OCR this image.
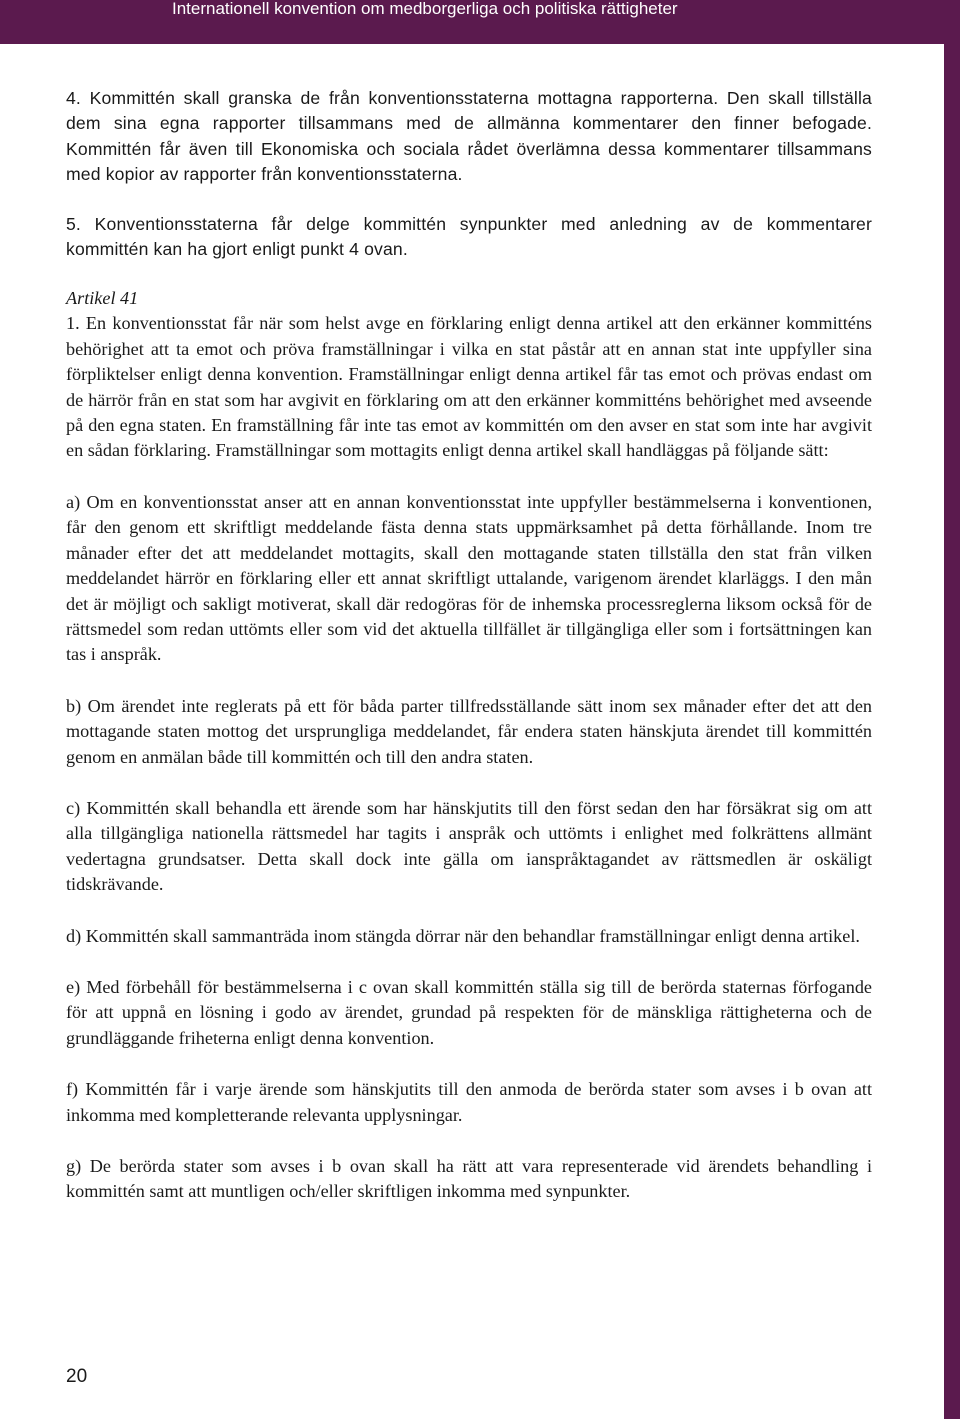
Internationell konvention om medborgerliga och politiska rättigheter

4. Kommittén skall granska de från konventionsstaterna mottagna rapporterna. Den skall tillställa dem sina egna rapporter tillsammans med de allmänna kommentarer den finner befogade. Kommittén får även till Ekonomiska och sociala rådet överlämna dessa kommentarer tillsammans med kopior av rapporter från konventionsstaterna.

5. Konventionsstaterna får delge kommittén synpunkter med anledning av de kommentarer kommittén kan ha gjort enligt punkt 4 ovan.

Artikel 41

1. En konventionsstat får när som helst avge en förklaring enligt denna artikel att den erkänner kommitténs behörighet att ta emot och pröva framställningar i vilka en stat påstår att en annan stat inte uppfyller sina förpliktelser enligt denna konvention. Framställningar enligt denna artikel får tas emot och prövas endast om de härrör från en stat som har avgivit en förklaring om att den erkänner kommitténs behörighet med avseende på den egna staten. En framställning får inte tas emot av kommittén om den avser en stat som inte har avgivit en sådan förklaring. Framställningar som mottagits enligt denna artikel skall handläggas på följande sätt:

a) Om en konventionsstat anser att en annan konventionsstat inte uppfyller bestämmelserna i konventionen, får den genom ett skriftligt meddelande fästa denna stats uppmärksamhet på detta förhållande. Inom tre månader efter det att meddelandet mottagits, skall den mottagande staten tillställa den stat från vilken meddelandet härrör en förklaring eller ett annat skriftligt uttalande, varigenom ärendet klarläggs. I den mån det är möjligt och sakligt motiverat, skall där redogöras för de inhemska processreglerna liksom också för de rättsmedel som redan uttömts eller som vid det aktuella tillfället är tillgängliga eller som i fortsättningen kan tas i anspråk.

b) Om ärendet inte reglerats på ett för båda parter tillfredsställande sätt inom sex månader efter det att den mottagande staten mottog det ursprungliga meddelandet, får endera staten hänskjuta ärendet till kommittén genom en anmälan både till kommittén och till den andra staten.

c) Kommittén skall behandla ett ärende som har hänskjutits till den först sedan den har försäkrat sig om att alla tillgängliga nationella rättsmedel har tagits i anspråk och uttömts i enlighet med folkrättens allmänt vedertagna grundsatser. Detta skall dock inte gälla om ianspråktagandet av rättsmedlen är oskäligt tidskrävande.

d) Kommittén skall sammanträda inom stängda dörrar när den behandlar framställningar enligt denna artikel.

e) Med förbehåll för bestämmelserna i c ovan skall kommittén ställa sig till de berörda staternas förfogande för att uppnå en lösning i godo av ärendet, grundad på respekten för de mänskliga rättigheterna och de grundläggande friheterna enligt denna konvention.

f) Kommittén får i varje ärende som hänskjutits till den anmoda de berörda stater som avses i b ovan att inkomma med kompletterande relevanta upplysningar.

g) De berörda stater som avses i b ovan skall ha rätt att vara representerade vid ärendets behandling i kommittén samt att muntligen och/eller skriftligen inkomma med synpunkter.

20
